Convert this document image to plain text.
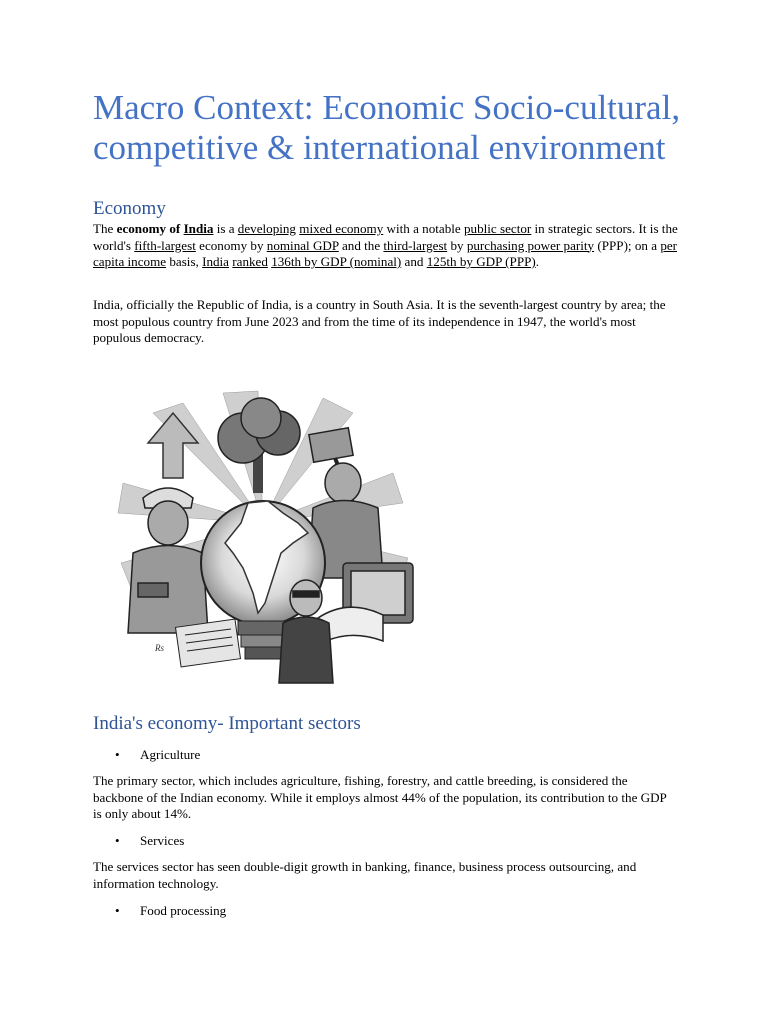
Macro Context: Economic Socio-cultural, competitive & international environment
Economy

The economy of India is a developing mixed economy with a notable public sector in strategic sectors. It is the world's fifth-largest economy by nominal GDP and the third-largest by purchasing power parity (PPP); on a per capita income basis, India ranked 136th by GDP (nominal) and 125th by GDP (PPP).

India, officially the Republic of India, is a country in South Asia. It is the seventh-largest country by area; the most populous country from June 2023 and from the time of its independence in 1947, the world's most populous democracy.

Rs
India's economy- Important sectors
• Agriculture

The primary sector, which includes agriculture, fishing, forestry, and cattle breeding, is considered the backbone of the Indian economy. While it employs almost 44% of the population, its contribution to the GDP is only about 14%.

• Services

The services sector has seen double-digit growth in banking, finance, business process outsourcing, and information technology.

• Food processing
